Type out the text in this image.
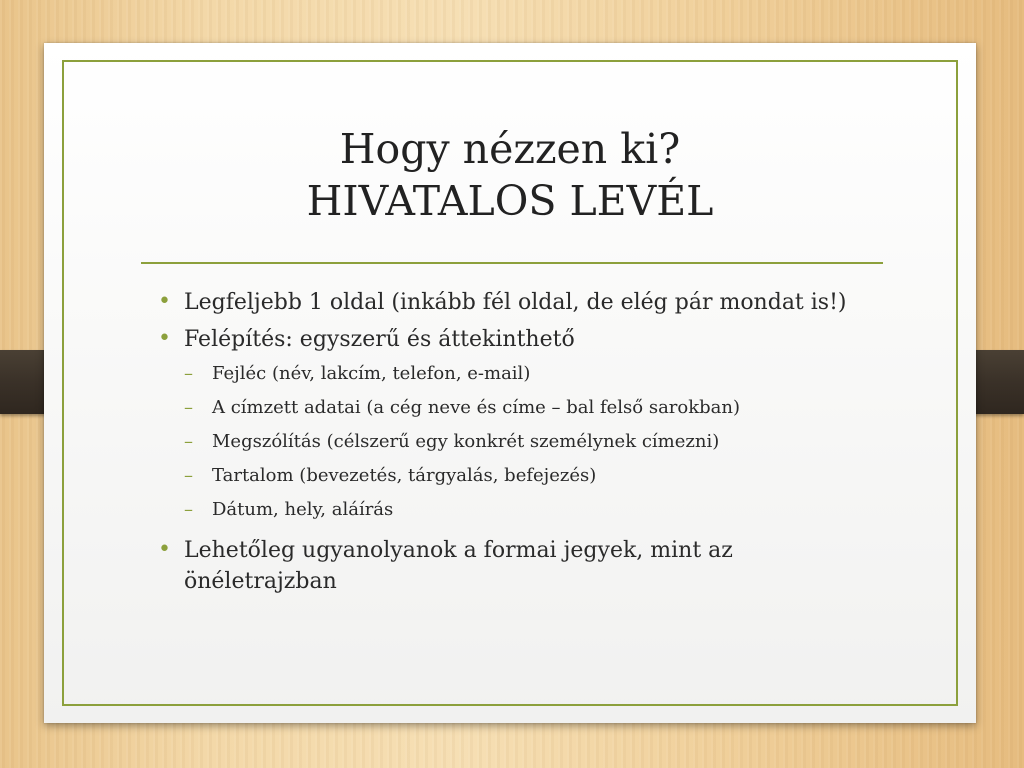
Hogy nézzen ki?
HIVATALOS LEVÉL
• Legfeljebb 1 oldal (inkább fél oldal, de elég pár mondat is!)
• Felépítés: egyszerű és áttekinthető
– Fejléc (név, lakcím, telefon, e-mail)
– A címzett adatai (a cég neve és címe – bal felső sarokban)
– Megszólítás (célszerű egy konkrét személynek címezni)
– Tartalom (bevezetés, tárgyalás, befejezés)
– Dátum, hely, aláírás
• Lehetőleg ugyanolyanok a formai jegyek, mint az önéletrajzban
